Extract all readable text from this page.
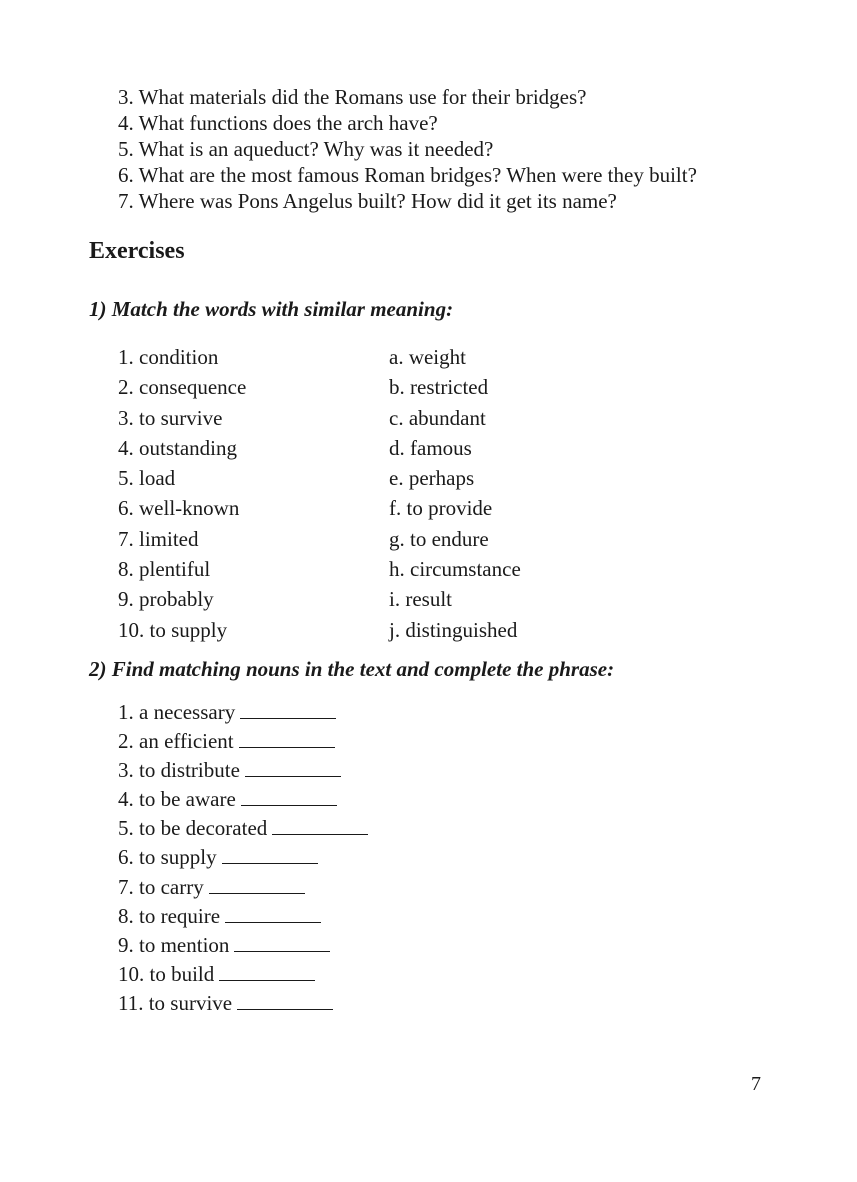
3. What materials did the Romans use for their bridges?
4. What functions does the arch have?
5. What is an aqueduct? Why was it needed?
6. What are the most famous Roman bridges? When were they built?
7. Where was Pons Angelus built? How did it get its name?
Exercises

1) Match the words with similar meaning:

1. condition
2. consequence
3. to survive
4. outstanding
5. load
6. well-known
7. limited
8. plentiful
9. probably
10. to supply
a. weight
b. restricted
c. abundant
d. famous
e. perhaps
f. to provide
g. to endure
h. circumstance
i. result
j. distinguished

2) Find matching nouns in the text and complete the phrase:

1. a necessary
2. an efficient
3. to distribute
4. to be aware
5. to be decorated
6. to supply
7. to carry
8. to require
9. to mention
10. to build
11. to survive
7
